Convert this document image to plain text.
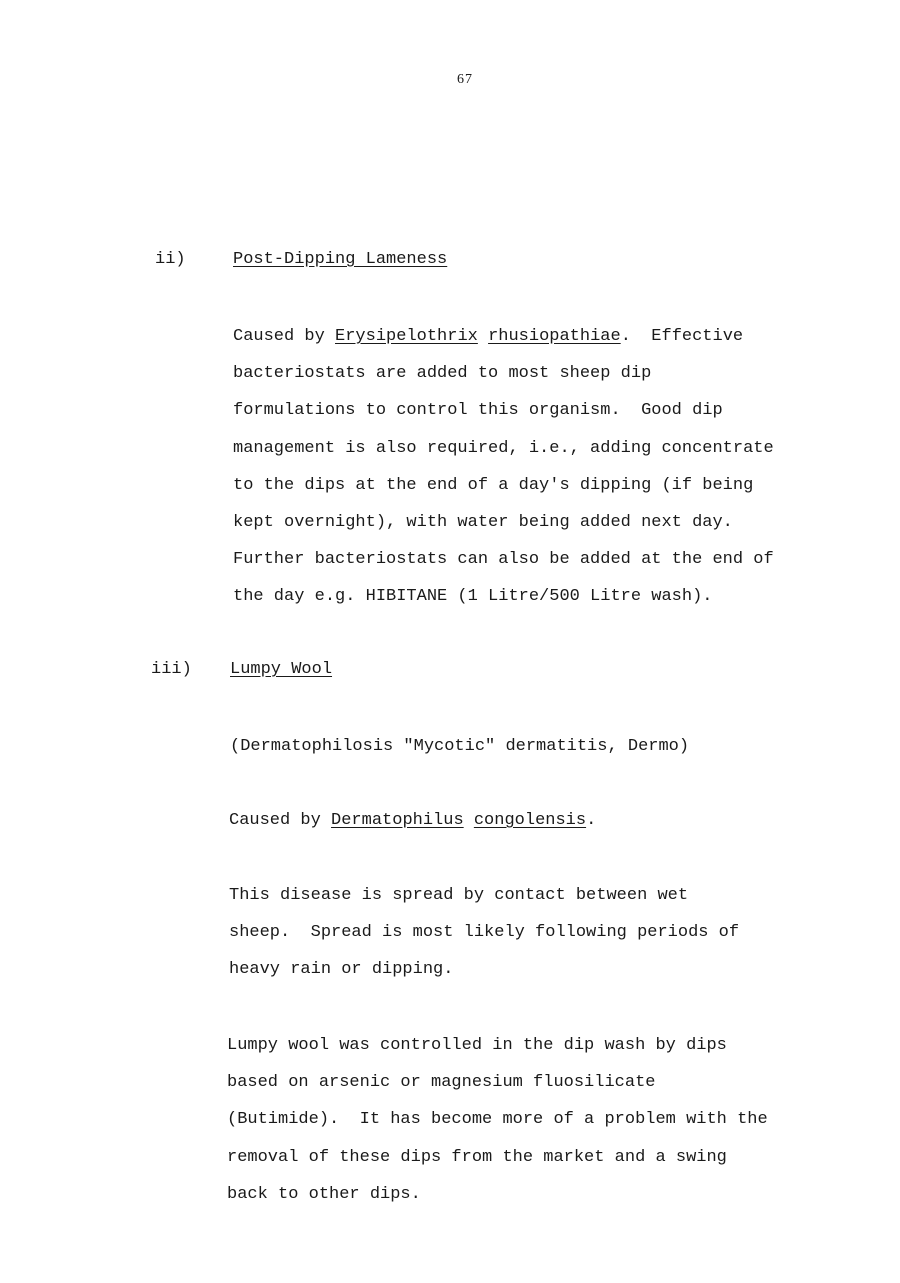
67
ii)	Post-Dipping Lameness
Caused by Erysipelothrix rhusiopathiae.  Effective
bacteriostats are added to most sheep dip
formulations to control this organism.  Good dip
management is also required, i.e., adding concentrate
to the dips at the end of a day's dipping (if being
kept overnight), with water being added next day.
Further bacteriostats can also be added at the end of
the day e.g. HIBITANE (1 Litre/500 Litre wash).
iii) Lumpy Wool
(Dermatophilosis "Mycotic" dermatitis, Dermo)
Caused by Dermatophilus congolensis.
This disease is spread by contact between wet
sheep.  Spread is most likely following periods of
heavy rain or dipping.
Lumpy wool was controlled in the dip wash by dips
based on arsenic or magnesium fluosilicate
(Butimide).  It has become more of a problem with the
removal of these dips from the market and a swing
back to other dips.
